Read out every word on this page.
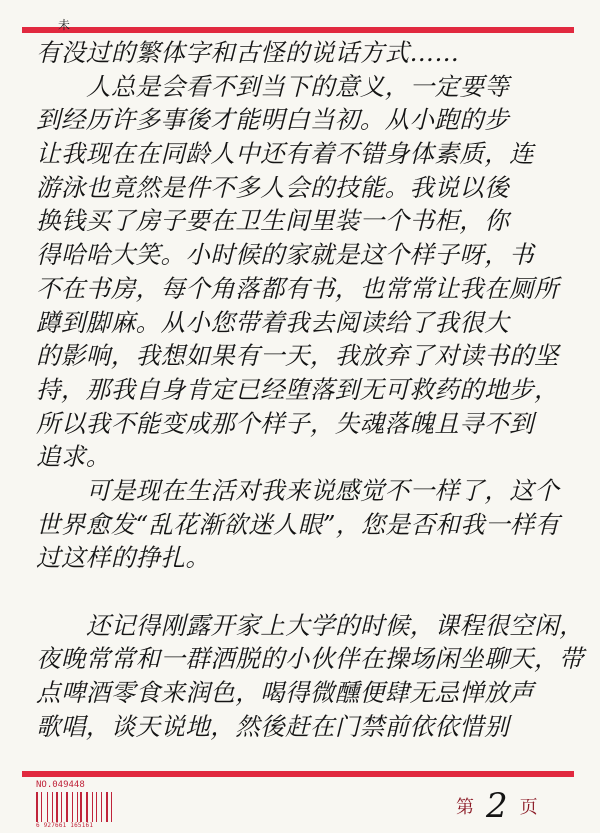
未
有没过的繁体字和古怪的说话方式……
人总是会看不到当下的意义，一定要等
到经历许多事後才能明白当初。从小跑的步
让我现在在同龄人中还有着不错身体素质，连
游泳也竟然是件不多人会的技能。我说以後
换钱买了房子要在卫生间里装一个书柜，你
得哈哈大笑。小时候的家就是这个样子呀，书
不在书房，每个角落都有书，也常常让我在厕所
蹲到脚麻。从小您带着我去阅读给了我很大
的影响，我想如果有一天，我放弃了对读书的坚
持，那我自身肯定已经堕落到无可救药的地步，
所以我不能变成那个样子，失魂落魄且寻不到
追求。
可是现在生活对我来说感觉不一样了，这个
世界愈发“乱花渐欲迷人眼”，您是否和我一样有
过这样的挣扎。
还记得刚露开家上大学的时候，课程很空闲，
夜晚常常和一群洒脱的小伙伴在操场闲坐聊天，带
点啤酒零食来润色，喝得微醺便肆无忌惮放声
歌唱，谈天说地，然後赶在门禁前依依惜别
NO.049448
6 927661 165161
第 2 页
